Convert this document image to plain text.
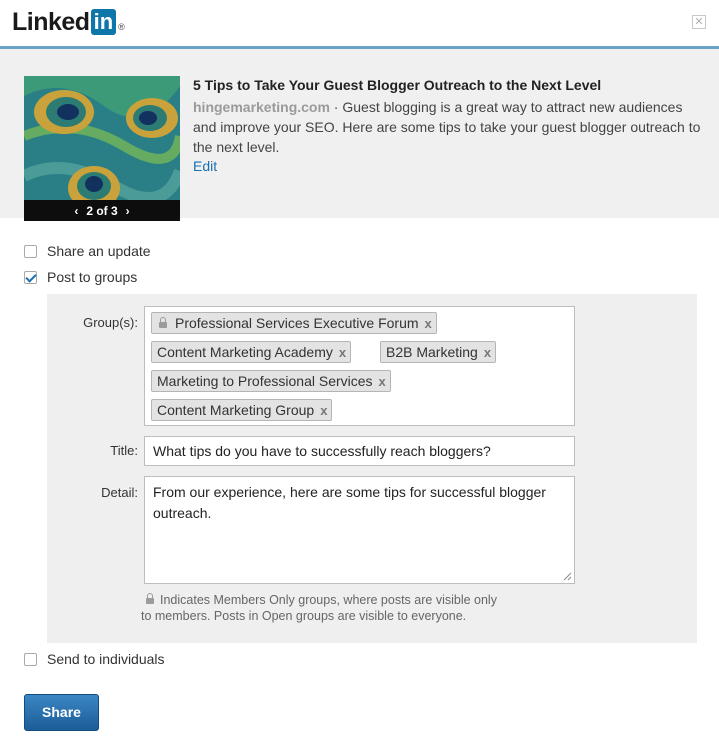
Linked in ®	✕
‹ 2 of 3 ›
5 Tips to Take Your Guest Blogger Outreach to the Next Level
hingemarketing.com · Guest blogging is a great way to attract new audiences and improve your SEO. Here are some tips to take your guest blogger outreach to the next level.
Edit
Share an update
Post to groups
Group(s):	Professional Services Executive Forum x
Content Marketing Academy x	B2B Marketing x
Marketing to Professional Services x
Content Marketing Group x
Title:
What tips do you have to successfully reach bloggers?
Detail:
From our experience, here are some tips for successful blogger outreach.
Indicates Members Only groups, where posts are visible only
to members. Posts in Open groups are visible to everyone.
Send to individuals
Share
